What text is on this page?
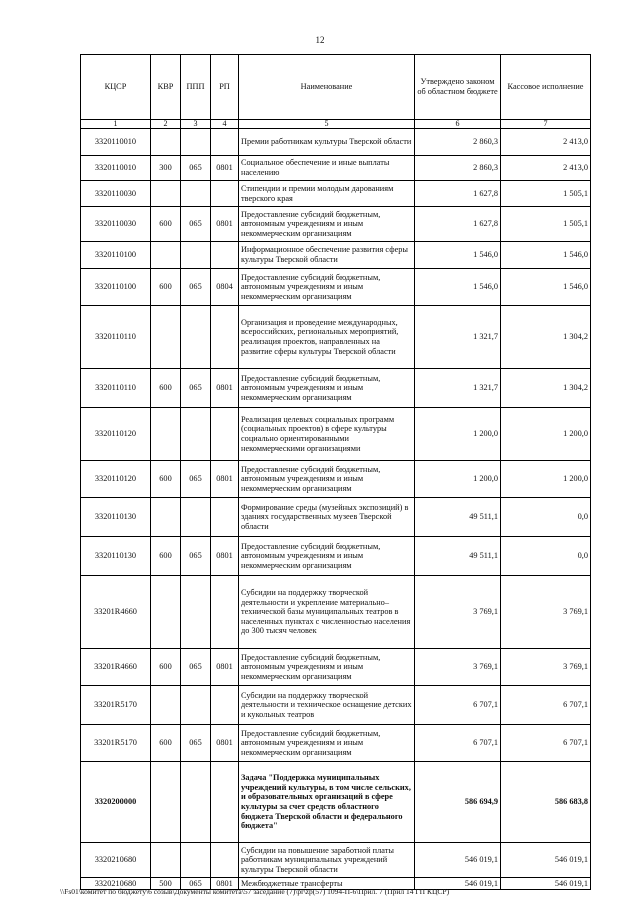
12
КЦСР	КВР	ППП	РП	Наименование	Утверждено законом об областном бюджете	Кассовое исполнение
1	2	3	4	5	6	7
3320110010				Премии работникам культуры Тверской области	2 860,3	2 413,0
3320110010	300	065	0801	Социальное обеспечение и иные выплаты населению	2 860,3	2 413,0
3320110030				Стипендии и премии молодым дарованиям тверского края	1 627,8	1 505,1
3320110030	600	065	0801	Предоставление субсидий бюджетным, автономным учреждениям и иным некоммерческим организациям	1 627,8	1 505,1
3320110100				Информационное обеспечение развития сферы культуры Тверской области	1 546,0	1 546,0
3320110100	600	065	0804	Предоставление субсидий бюджетным, автономным учреждениям и иным некоммерческим организациям	1 546,0	1 546,0
3320110110				Организация и проведение международных, всероссийских, региональных мероприятий, реализация проектов, направленных на развитие сферы культуры Тверской области	1 321,7	1 304,2
3320110110	600	065	0801	Предоставление субсидий бюджетным, автономным учреждениям и иным некоммерческим организациям	1 321,7	1 304,2
3320110120				Реализация целевых социальных программ (социальных проектов) в сфере культуры социально ориентированными некоммерческими организациями	1 200,0	1 200,0
3320110120	600	065	0801	Предоставление субсидий бюджетным, автономным учреждениям и иным некоммерческим организациям	1 200,0	1 200,0
3320110130				Формирование среды (музейных экспозиций) в зданиях государственных музеев Тверской области	49 511,1	0,0
3320110130	600	065	0801	Предоставление субсидий бюджетным, автономным учреждениям и иным некоммерческим организациям	49 511,1	0,0
33201R4660				Субсидии на поддержку творческой деятельности и укрепление материально–технической базы муниципальных театров в населенных пунктах с численностью населения до 300 тысяч человек	3 769,1	3 769,1
33201R4660	600	065	0801	Предоставление субсидий бюджетным, автономным учреждениям и иным некоммерческим организациям	3 769,1	3 769,1
33201R5170				Субсидии на поддержку творческой деятельности и техническое оснащение детских и кукольных театров	6 707,1	6 707,1
33201R5170	600	065	0801	Предоставление субсидий бюджетным, автономным учреждениям и иным некоммерческим организациям	6 707,1	6 707,1
3320200000				Задача "Поддержка муниципальных учреждений культуры, в том числе сельских, и образовательных организаций в сфере культуры за счет средств областного бюджета Тверской области и федерального бюджета"	586 694,9	586 683,8
3320210680				Субсидии на повышение заработной платы работникам муниципальных учреждений культуры Тверской области	546 019,1	546 019,1
3320210680	500	065	0801	Межбюджетные трансферты	546 019,1	546 019,1
\\Fs01\комитет по бюджету\6 созыв\Документы комитета\57 заседание (7)\pr\zp(57) 1094-П-6\Прил. 7 (Прил 14 ГП КЦСР)
